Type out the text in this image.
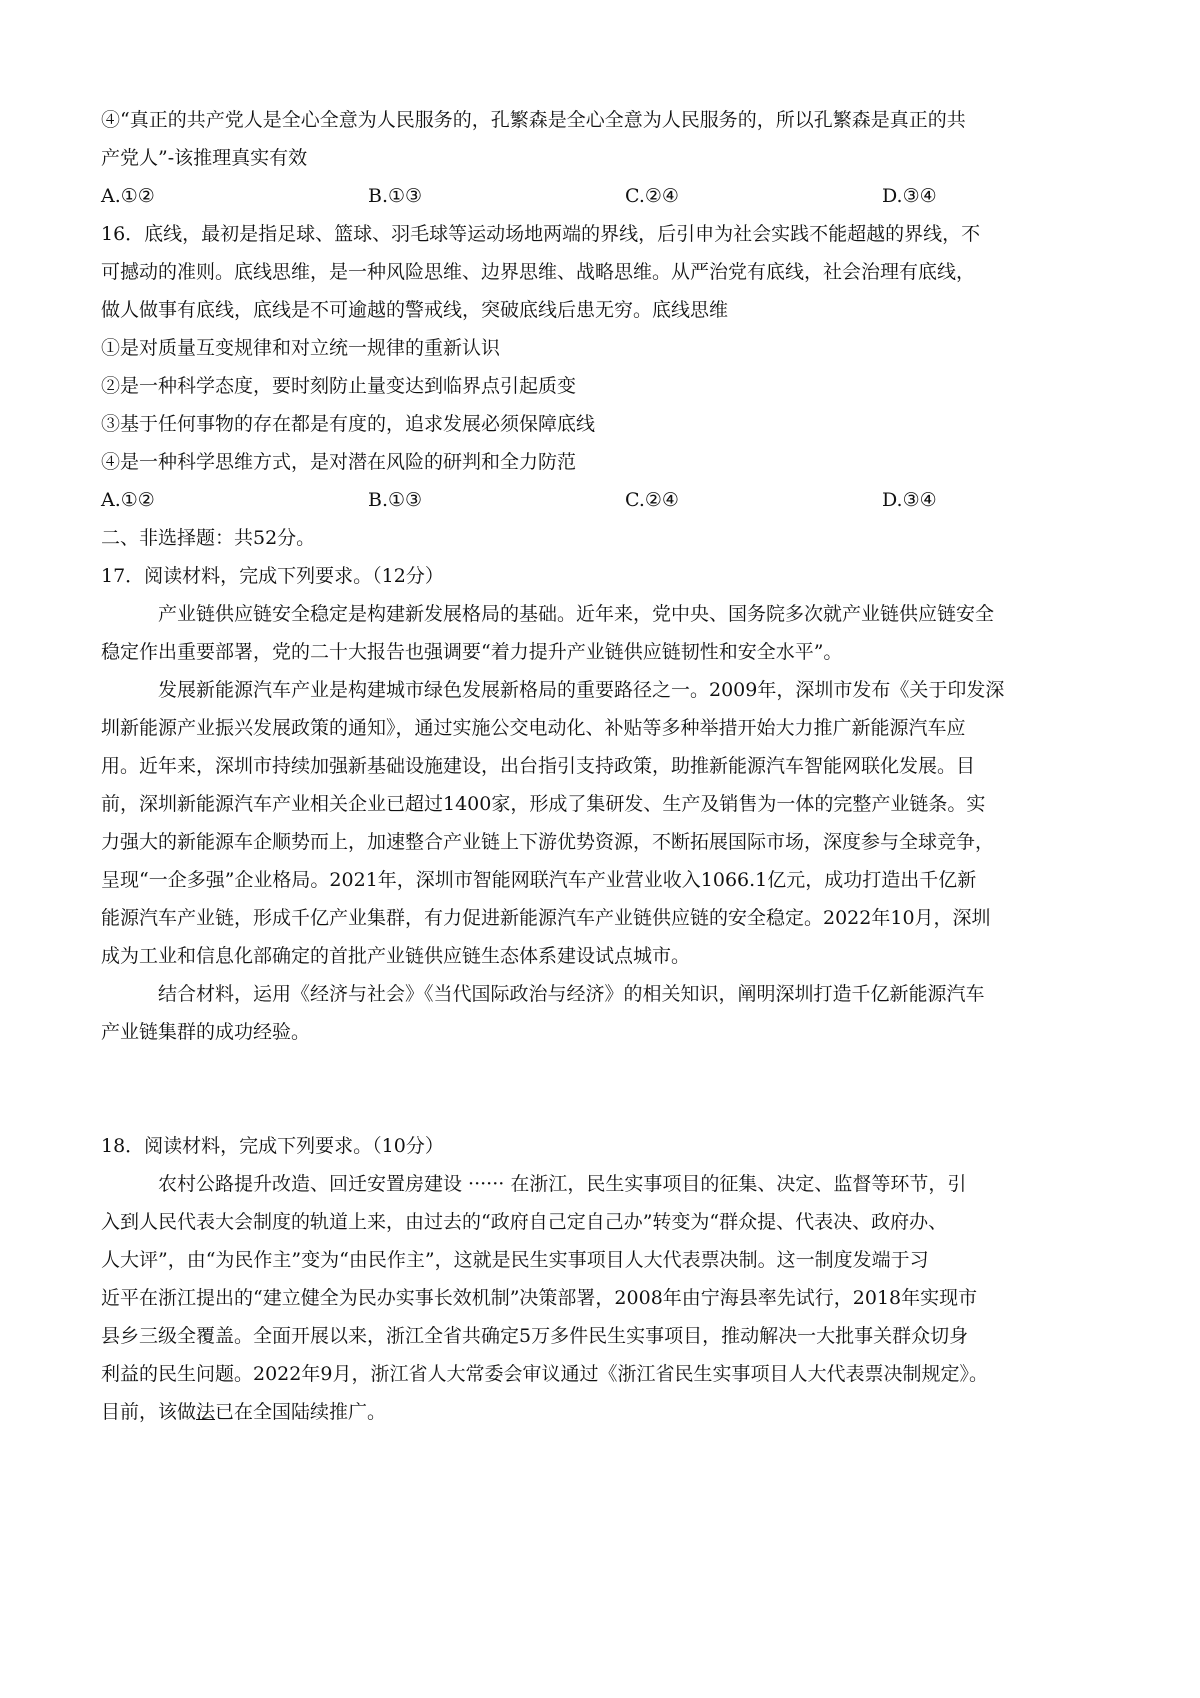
④“真正的共产党人是全心全意为人民服务的，孔繁森是全心全意为人民服务的，所以孔繁森是真正的共
产党人”-该推理真实有效
A.①②	B.①③	C.②④	D.③④
16．底线，最初是指足球、篮球、羽毛球等运动场地两端的界线，后引申为社会实践不能超越的界线，不
可撼动的准则。底线思维，是一种风险思维、边界思维、战略思维。从严治党有底线，社会治理有底线，
做人做事有底线，底线是不可逾越的警戒线，突破底线后患无穷。底线思维
①是对质量互变规律和对立统一规律的重新认识
②是一种科学态度，要时刻防止量变达到临界点引起质变
③基于任何事物的存在都是有度的，追求发展必须保障底线
④是一种科学思维方式，是对潜在风险的研判和全力防范
A.①②	B.①③	C.②④	D.③④
二、非选择题：共52分。
17．阅读材料，完成下列要求。（12分）
产业链供应链安全稳定是构建新发展格局的基础。近年来，党中央、国务院多次就产业链供应链安全
稳定作出重要部署，党的二十大报告也强调要“着力提升产业链供应链韧性和安全水平”。
发展新能源汽车产业是构建城市绿色发展新格局的重要路径之一。2009年，深圳市发布《关于印发深
圳新能源产业振兴发展政策的通知》，通过实施公交电动化、补贴等多种举措开始大力推广新能源汽车应
用。近年来，深圳市持续加强新基础设施建设，出台指引支持政策，助推新能源汽车智能网联化发展。目
前，深圳新能源汽车产业相关企业已超过1400家，形成了集研发、生产及销售为一体的完整产业链条。实
力强大的新能源车企顺势而上，加速整合产业链上下游优势资源，不断拓展国际市场，深度参与全球竞争，
呈现“一企多强”企业格局。2021年，深圳市智能网联汽车产业营业收入1066.1亿元，成功打造出千亿新
能源汽车产业链，形成千亿产业集群，有力促进新能源汽车产业链供应链的安全稳定。2022年10月，深圳
成为工业和信息化部确定的首批产业链供应链生态体系建设试点城市。
结合材料，运用《经济与社会》《当代国际政治与经济》的相关知识，阐明深圳打造千亿新能源汽车
产业链集群的成功经验。
18．阅读材料，完成下列要求。（10分）
农村公路提升改造、回迁安置房建设 ······ 在浙江，民生实事项目的征集、决定、监督等环节，引
入到人民代表大会制度的轨道上来，由过去的“政府自己定自己办”转变为“群众提、代表决、政府办、
人大评”，由“为民作主”变为“由民作主”，这就是民生实事项目人大代表票决制。这一制度发端于习
近平在浙江提出的“建立健全为民办实事长效机制”决策部署，2008年由宁海县率先试行，2018年实现市
县乡三级全覆盖。全面开展以来，浙江全省共确定5万多件民生实事项目，推动解决一大批事关群众切身
利益的民生问题。2022年9月，浙江省人大常委会审议通过《浙江省民生实事项目人大代表票决制规定》。
目前，该做法已在全国陆续推广。
